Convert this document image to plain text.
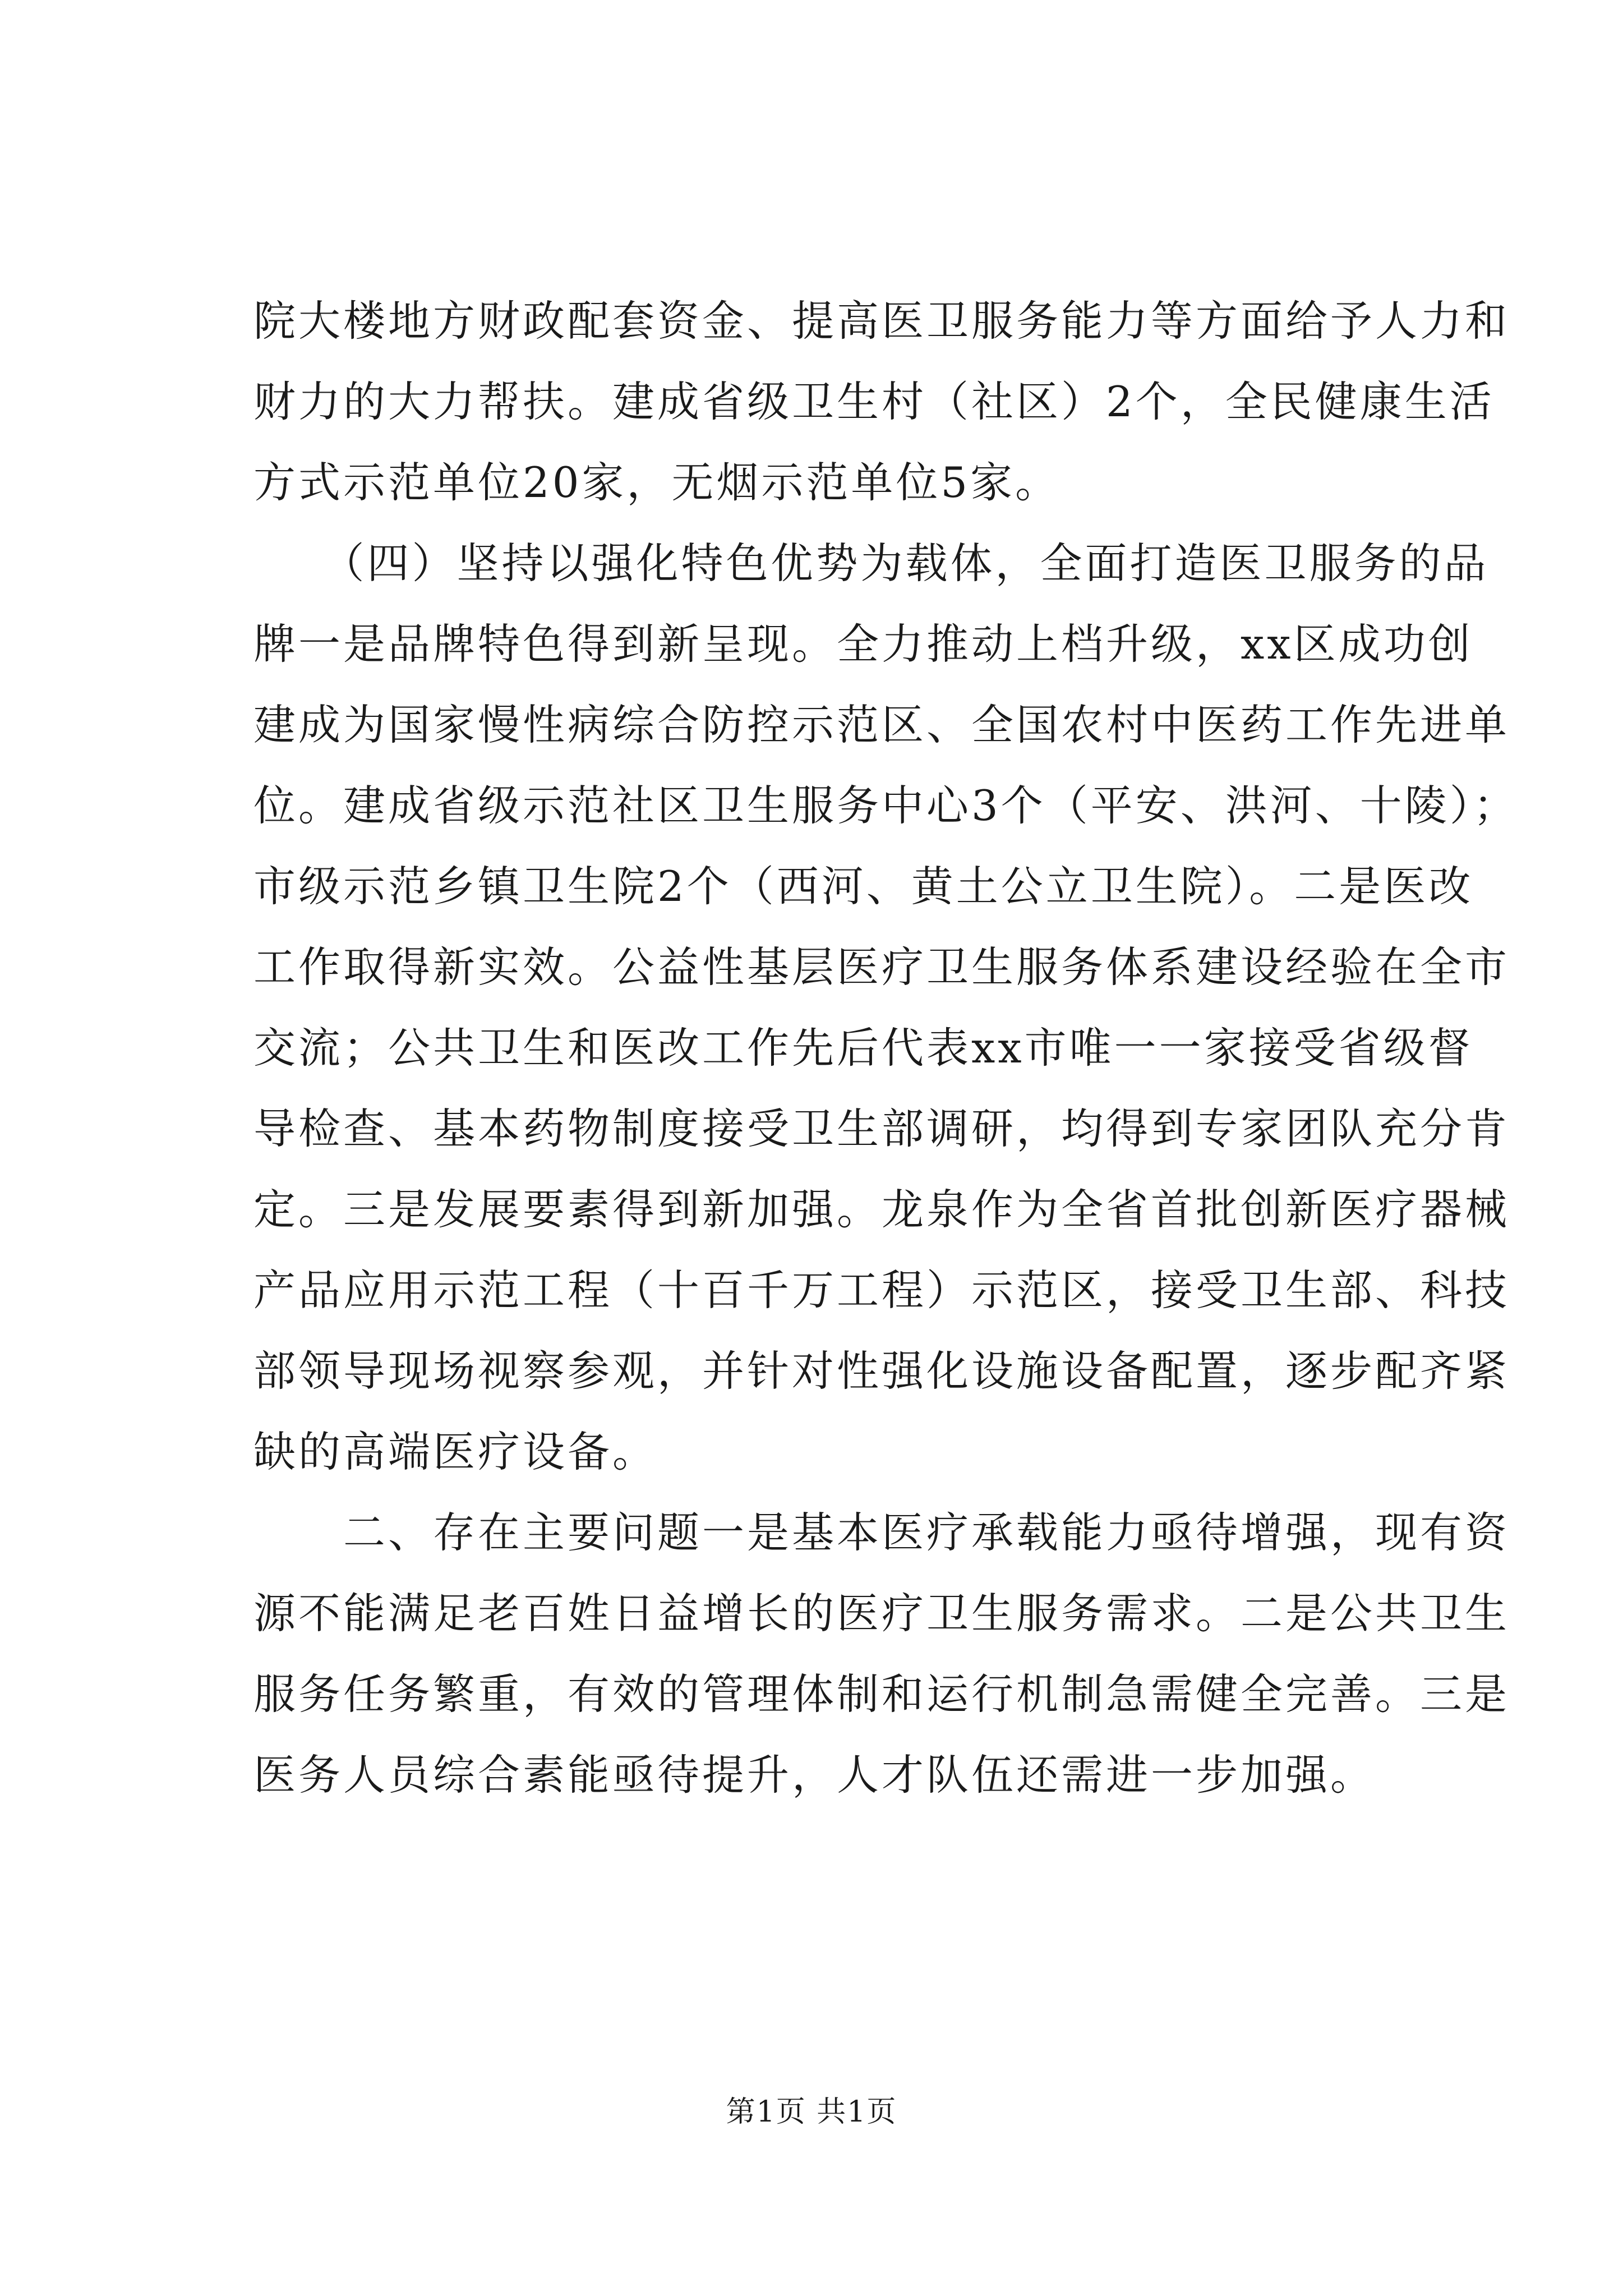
院大楼地方财政配套资金、提高医卫服务能力等方面给予人力和
财力的大力帮扶。建成省级卫生村（社区）2个，全民健康生活
方式示范单位20家，无烟示范单位5家。
　　（四）坚持以强化特色优势为载体，全面打造医卫服务的品
牌一是品牌特色得到新呈现。全力推动上档升级，xx区成功创
建成为国家慢性病综合防控示范区、全国农村中医药工作先进单
位。建成省级示范社区卫生服务中心3个（平安、洪河、十陵）；
市级示范乡镇卫生院2个（西河、黄土公立卫生院）。二是医改
工作取得新实效。公益性基层医疗卫生服务体系建设经验在全市
交流；公共卫生和医改工作先后代表xx市唯一一家接受省级督
导检查、基本药物制度接受卫生部调研，均得到专家团队充分肯
定。三是发展要素得到新加强。龙泉作为全省首批创新医疗器械
产品应用示范工程（十百千万工程）示范区，接受卫生部、科技
部领导现场视察参观，并针对性强化设施设备配置，逐步配齐紧
缺的高端医疗设备。
　　二、存在主要问题一是基本医疗承载能力亟待增强，现有资
源不能满足老百姓日益增长的医疗卫生服务需求。二是公共卫生
服务任务繁重，有效的管理体制和运行机制急需健全完善。三是
医务人员综合素能亟待提升，人才队伍还需进一步加强。
第1页 共1页
